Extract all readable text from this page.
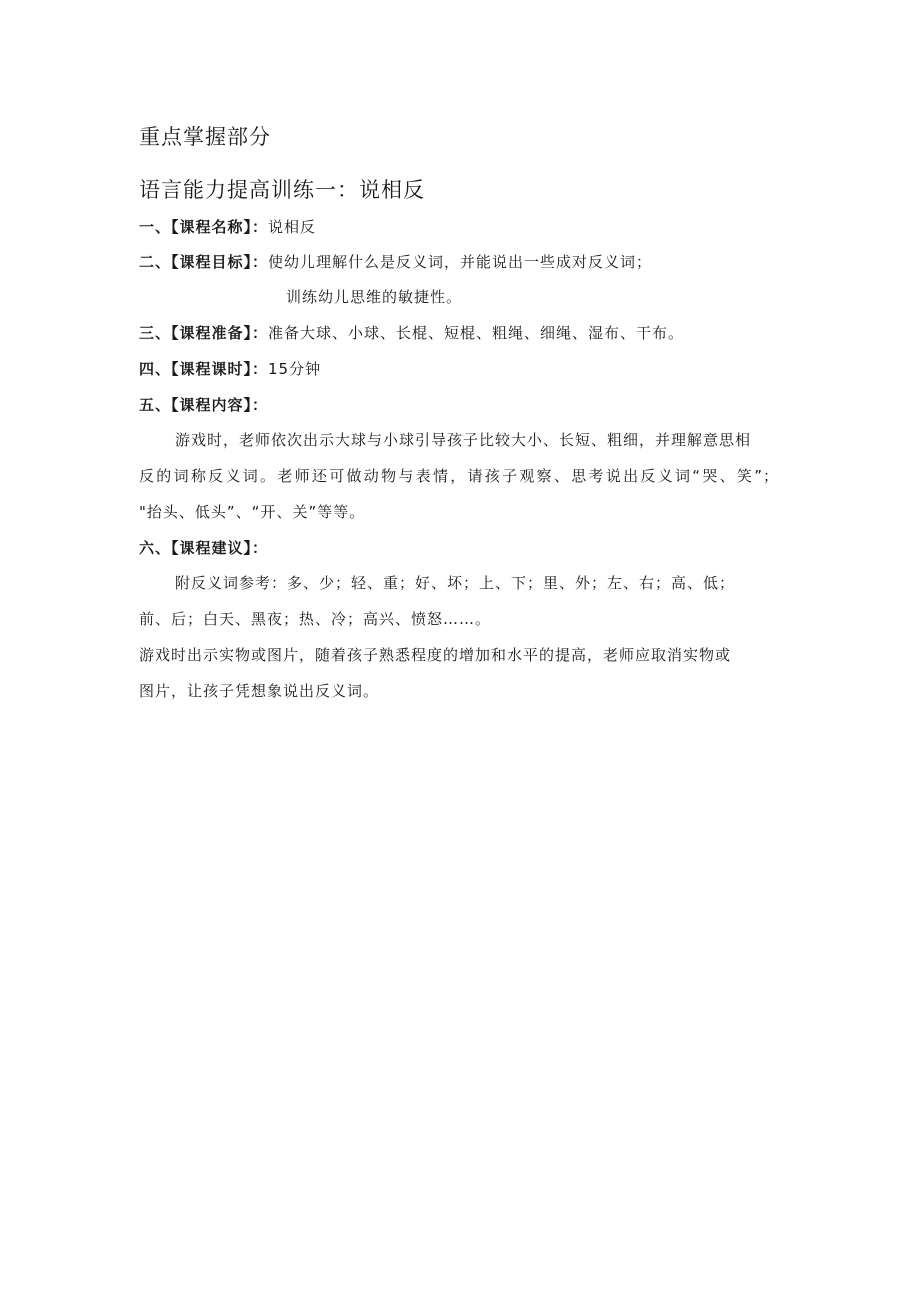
重点掌握部分
语言能力提高训练一：说相反
一、【课程名称】：说相反
二、【课程目标】：使幼儿理解什么是反义词，并能说出一些成对反义词；
训练幼儿思维的敏捷性。
三、【课程准备】：准备大球、小球、长棍、短棍、粗绳、细绳、湿布、干布。
四、【课程课时】：15分钟
五、【课程内容】：
游戏时，老师依次出示大球与小球引导孩子比较大小、长短、粗细，并理解意思相
反的词称反义词。老师还可做动物与表情，请孩子观察、思考说出反义词“哭、笑”；
"抬头、低头”、“开、关”等等。
六、【课程建议】：
附反义词参考：多、少；轻、重；好、坏；上、下；里、外；左、右；高、低；
前、后；白天、黑夜；热、冷；高兴、愤怒……。
游戏时出示实物或图片，随着孩子熟悉程度的增加和水平的提高，老师应取消实物或
图片，让孩子凭想象说出反义词。
